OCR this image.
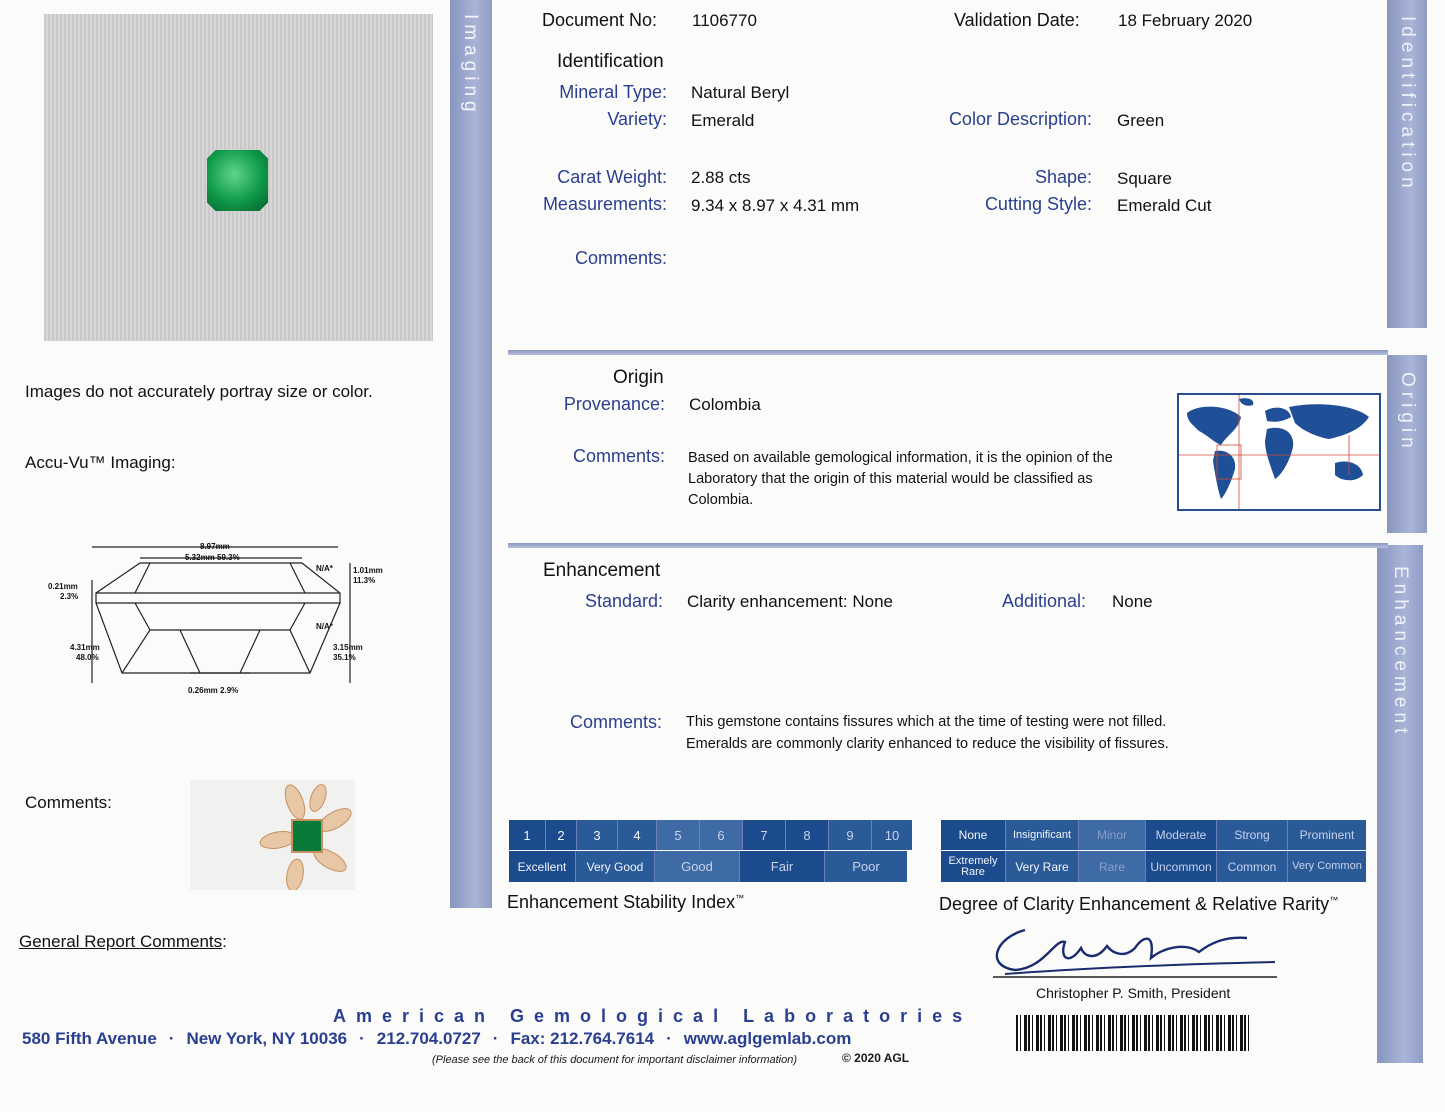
Images do not accurately portray size or color.
Accu-Vu™ Imaging:
8.97mm
5.32mm 59.3%
0.21mm
2.3%
4.31mm
48.0%
1.01mm
11.3%
3.15mm
35.1%
0.26mm 2.9%
N/A*
N/A*
Comments:
General Report Comments:
Imaging	Identification
Origin
Enhancement
Document No: 1106770	Validation Date: 18 February 2020
Identification
Mineral Type: Natural Beryl
Variety: Emerald	Color Description: Green
Carat Weight: 2.88 cts	Shape: Square
Measurements: 9.34 x 8.97 x 4.31 mm	Cutting Style: Emerald Cut
Comments:
Origin
Provenance: Colombia
Comments: Based on available gemological information, it is the opinion of the
Laboratory that the origin of this material would be classified as
Colombia.
Enhancement
Standard: Clarity enhancement: None	Additional: None
Comments: This gemstone contains fissures which at the time of testing were not filled.
Emeralds are commonly clarity enhanced to reduce the visibility of fissures.
1	2	3	4	5	6	7	8	9	10
Excellent	Very Good	Good	Fair	Poor
Enhancement Stability Index™
None	Insignificant	Minor	Moderate	Strong	Prominent
Extremely Rare	Very Rare	Rare	Uncommon	Common	Very Common
Degree of Clarity Enhancement & Relative Rarity™
Christopher P. Smith, President
American Gemological Laboratories
580 Fifth Avenue · New York, NY 10036 · 212.704.0727 · Fax: 212.764.7614 · www.aglgemlab.com
(Please see the back of this document for important disclaimer information)	© 2020 AGL
